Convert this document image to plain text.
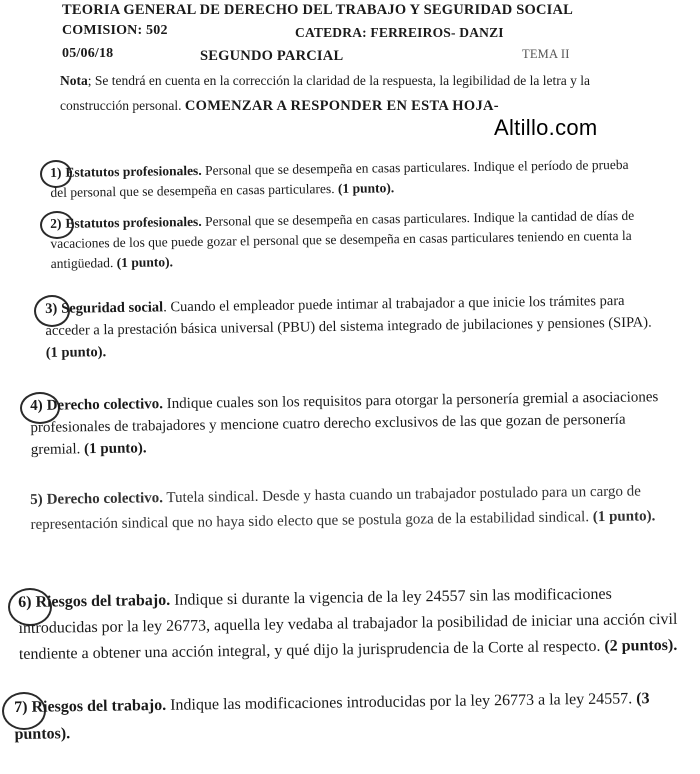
TEORIA GENERAL DE DERECHO DEL TRABAJO Y SEGURIDAD SOCIAL
COMISION: 502	CATEDRA: FERREIROS- DANZI
05/06/18	SEGUNDO PARCIAL	TEMA II
Nota; Se tendrá en cuenta en la corrección la claridad de la respuesta, la legibilidad de la letra y la construcción personal. COMENZAR A RESPONDER EN ESTA HOJA-
Altillo.com
1) Estatutos profesionales. Personal que se desempeña en casas particulares. Indique el período de prueba del personal que se desempeña en casas particulares. (1 punto).
2) Estatutos profesionales. Personal que se desempeña en casas particulares. Indique la cantidad de días de vacaciones de los que puede gozar el personal que se desempeña en casas particulares teniendo en cuenta la antigüedad. (1 punto).
3) Seguridad social. Cuando el empleador puede intimar al trabajador a que inicie los trámites para acceder a la prestación básica universal (PBU) del sistema integrado de jubilaciones y pensiones (SIPA). (1 punto).
4) Derecho colectivo. Indique cuales son los requisitos para otorgar la personería gremial a asociaciones profesionales de trabajadores y mencione cuatro derecho exclusivos de las que gozan de personería gremial. (1 punto).
5) Derecho colectivo. Tutela sindical. Desde y hasta cuando un trabajador postulado para un cargo de representación sindical que no haya sido electo que se postula goza de la estabilidad sindical. (1 punto).
6) Riesgos del trabajo. Indique si durante la vigencia de la ley 24557 sin las modificaciones introducidas por la ley 26773, aquella ley vedaba al trabajador la posibilidad de iniciar una acción civil tendiente a obtener una acción integral, y qué dijo la jurisprudencia de la Corte al respecto. (2 puntos).
7) Riesgos del trabajo. Indique las modificaciones introducidas por la ley 26773 a la ley 24557. (3 puntos).
